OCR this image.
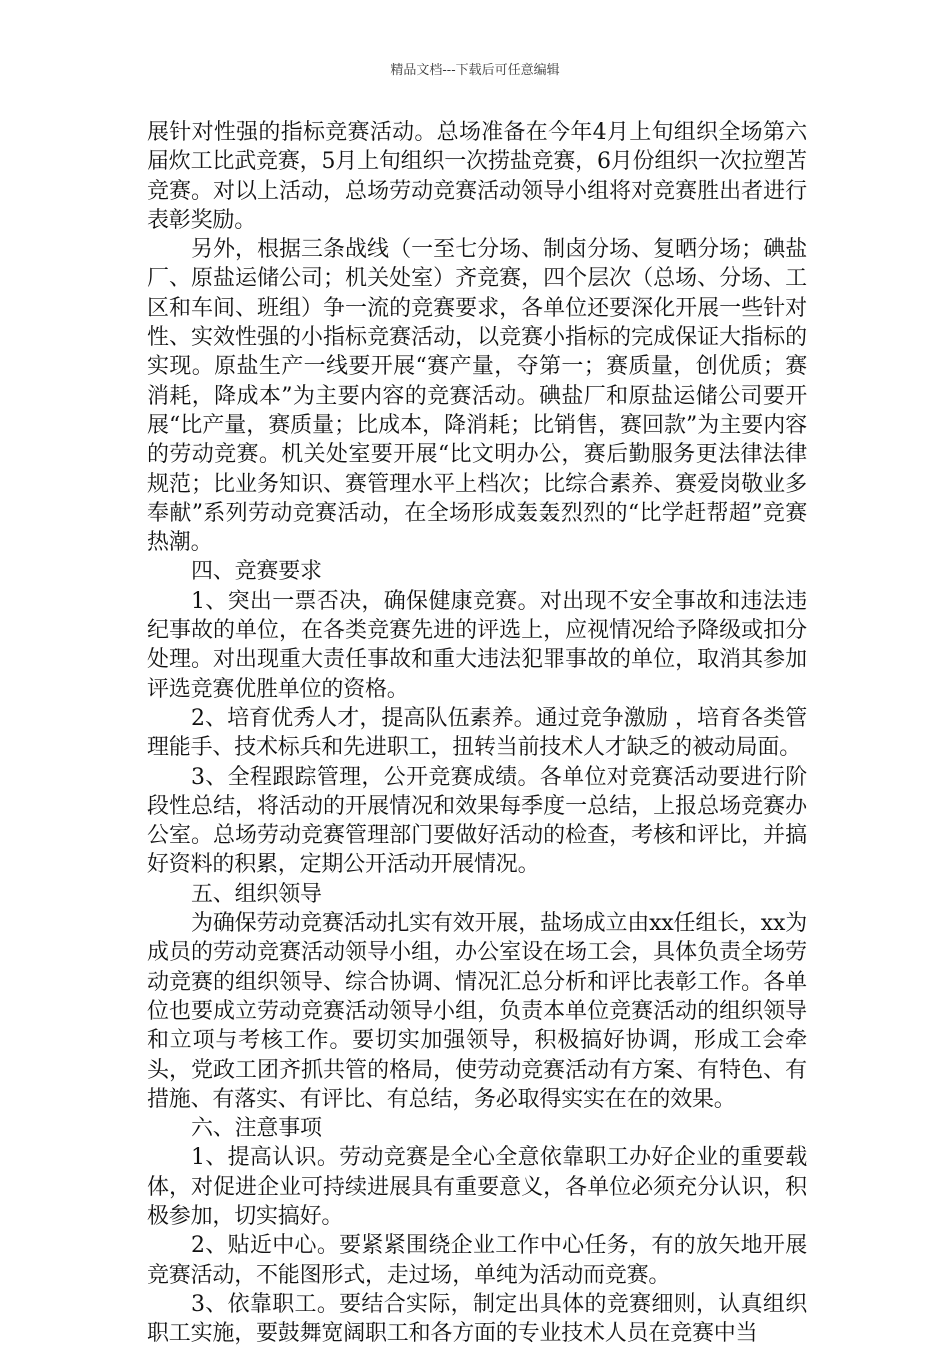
精品文档---下载后可任意编辑

展针对性强的指标竞赛活动。总场准备在今年4月上旬组织全场第六届炊工比武竞赛，5月上旬组织一次捞盐竞赛，6月份组织一次拉塑苫竞赛。对以上活动，总场劳动竞赛活动领导小组将对竞赛胜出者进行表彰奖励。

另外，根据三条战线（一至七分场、制卤分场、复晒分场；碘盐厂、原盐运储公司；机关处室）齐竞赛，四个层次（总场、分场、工区和车间、班组）争一流的竞赛要求，各单位还要深化开展一些针对性、实效性强的小指标竞赛活动，以竞赛小指标的完成保证大指标的实现。原盐生产一线要开展“赛产量，夺第一；赛质量，创优质；赛消耗，降成本”为主要内容的竞赛活动。碘盐厂和原盐运储公司要开展“比产量，赛质量；比成本，降消耗；比销售，赛回款”为主要内容的劳动竞赛。机关处室要开展“比文明办公，赛后勤服务更法律法律规范；比业务知识、赛管理水平上档次；比综合素养、赛爱岗敬业多奉献”系列劳动竞赛活动，在全场形成轰轰烈烈的“比学赶帮超”竞赛热潮。

四、竞赛要求

1、突出一票否决，确保健康竞赛。对出现不安全事故和违法违纪事故的单位，在各类竞赛先进的评选上，应视情况给予降级或扣分处理。对出现重大责任事故和重大违法犯罪事故的单位，取消其参加评选竞赛优胜单位的资格。

2、培育优秀人才，提高队伍素养。通过竞争激励 ，培育各类管理能手、技术标兵和先进职工，扭转当前技术人才缺乏的被动局面。

3、全程跟踪管理，公开竞赛成绩。各单位对竞赛活动要进行阶段性总结，将活动的开展情况和效果每季度一总结，上报总场竞赛办公室。总场劳动竞赛管理部门要做好活动的检查，考核和评比，并搞好资料的积累，定期公开活动开展情况。

五、组织领导

为确保劳动竞赛活动扎实有效开展，盐场成立由xx任组长，xx为成员的劳动竞赛活动领导小组，办公室设在场工会，具体负责全场劳动竞赛的组织领导、综合协调、情况汇总分析和评比表彰工作。各单位也要成立劳动竞赛活动领导小组，负责本单位竞赛活动的组织领导和立项与考核工作。要切实加强领导，积极搞好协调，形成工会牵头，党政工团齐抓共管的格局，使劳动竞赛活动有方案、有特色、有措施、有落实、有评比、有总结，务必取得实实在在的效果。

六、注意事项

1、提高认识。劳动竞赛是全心全意依靠职工办好企业的重要载体，对促进企业可持续进展具有重要意义，各单位必须充分认识，积极参加，切实搞好。

2、贴近中心。要紧紧围绕企业工作中心任务，有的放矢地开展竞赛活动，不能图形式，走过场，单纯为活动而竞赛。

3、依靠职工。要结合实际，制定出具体的竞赛细则，认真组织职工实施，要鼓舞宽阔职工和各方面的专业技术人员在竞赛中当
